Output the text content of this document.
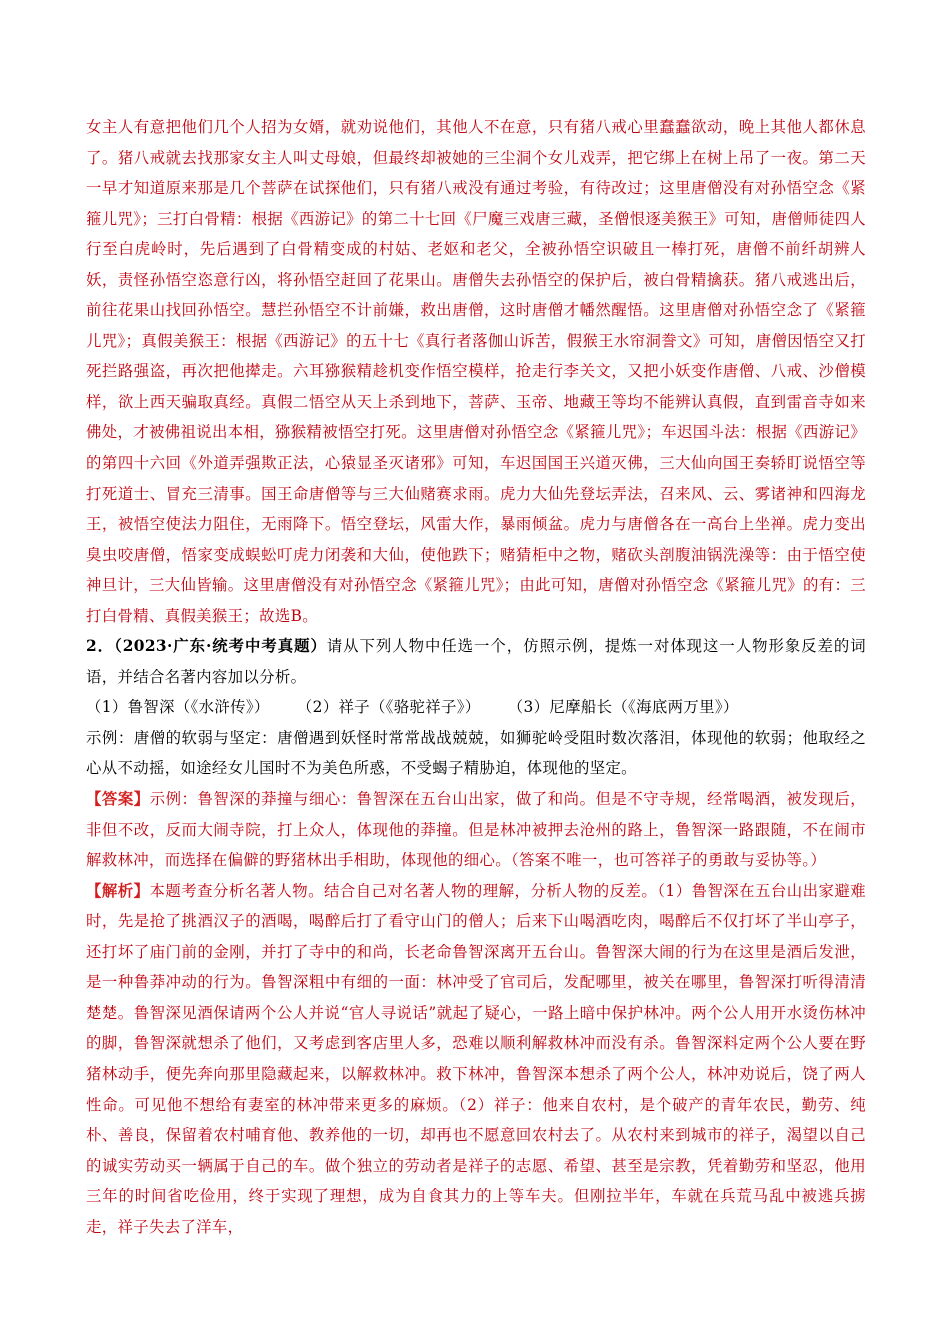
女主人有意把他们几个人招为女婿，就劝说他们，其他人不在意，只有猪八戒心里蠢蠢欲动，晚上其他人都休息了。猪八戒就去找那家女主人叫丈母娘，但最终却被她的三尘洞个女儿戏弄，把它绑上在树上吊了一夜。第二天一早才知道原来那是几个菩萨在试探他们，只有猪八戒没有通过考验，有待改过；这里唐僧没有对孙悟空念《紧箍儿咒》；三打白骨精：根据《西游记》的第二十七回《尸魔三戏唐三藏，圣僧恨逐美猴王》可知，唐僧师徒四人行至白虎岭时，先后遇到了白骨精变成的村姑、老妪和老父，全被孙悟空识破且一棒打死，唐僧不前纤胡辨人妖，责怪孙悟空恣意行凶，将孙悟空赶回了花果山。唐僧失去孙悟空的保护后，被白骨精擒获。猪八戒逃出后，前往花果山找回孙悟空。慧拦孙悟空不计前嫌，救出唐僧，这时唐僧才幡然醒悟。这里唐僧对孙悟空念了《紧箍儿咒》；真假美猴王：根据《西游记》的五十七《真行者落伽山诉苦，假猴王水帘洞誊文》可知，唐僧因悟空又打死拦路强盗，再次把他撵走。六耳猕猴精趁机变作悟空模样，抢走行李关文，又把小妖变作唐僧、八戒、沙僧模样，欲上西天骗取真经。真假二悟空从天上杀到地下，菩萨、玉帝、地藏王等均不能辨认真假，直到雷音寺如来佛处，才被佛祖说出本相，猕猴精被悟空打死。这里唐僧对孙悟空念《紧箍儿咒》；车迟国斗法：根据《西游记》的第四十六回《外道弄强欺正法，心猿显圣灭诸邪》可知，车迟国国王兴道灭佛，三大仙向国王奏轿盯说悟空等打死道士、冒充三清事。国王命唐僧等与三大仙赌赛求雨。虎力大仙先登坛弄法，召来风、云、雾诸神和四海龙王，被悟空使法力阻住，无雨降下。悟空登坛，风雷大作，暴雨倾盆。虎力与唐僧各在一高台上坐禅。虎力变出臭虫咬唐僧，悟家变成蜈蚣叮虎力闭袭和大仙，使他跌下；赌猜柜中之物，赌砍头剖腹油锅洗澡等：由于悟空使神旦计，三大仙皆输。这里唐僧没有对孙悟空念《紧箍儿咒》；由此可知，唐僧对孙悟空念《紧箍儿咒》的有：三打白骨精、真假美猴王；故选B。

2．（2023·广东·统考中考真题）请从下列人物中任选一个，仿照示例，提炼一对体现这一人物形象反差的词语，并结合名著内容加以分析。

（1）鲁智深（《水浒传》） （2）祥子（《骆驼祥子》） （3）尼摩船长（《海底两万里》）

示例：唐僧的软弱与坚定：唐僧遇到妖怪时常常战战兢兢，如狮驼岭受阻时数次落泪，体现他的软弱；他取经之心从不动摇，如途经女儿国时不为美色所惑，不受蝎子精胁迫，体现他的坚定。

【答案】示例：鲁智深的莽撞与细心：鲁智深在五台山出家，做了和尚。但是不守寺规，经常喝酒，被发现后，非但不改，反而大闹寺院，打上众人，体现他的莽撞。但是林冲被押去沧州的路上，鲁智深一路跟随，不在闹市解救林冲，而选择在偏僻的野猪林出手相助，体现他的细心。（答案不唯一，也可答祥子的勇敢与妥协等。）

【解析】本题考查分析名著人物。结合自己对名著人物的理解，分析人物的反差。（1）鲁智深在五台山出家避难时，先是抢了挑酒汉子的酒喝，喝醉后打了看守山门的僧人；后来下山喝酒吃肉，喝醉后不仅打坏了半山亭子，还打坏了庙门前的金刚，并打了寺中的和尚，长老命鲁智深离开五台山。鲁智深大闹的行为在这里是酒后发泄，是一种鲁莽冲动的行为。鲁智深粗中有细的一面：林冲受了官司后，发配哪里，被关在哪里，鲁智深打听得清清楚楚。鲁智深见酒保请两个公人并说“官人寻说话”就起了疑心，一路上暗中保护林冲。两个公人用开水烫伤林冲的脚，鲁智深就想杀了他们，又考虑到客店里人多，恐难以顺利解救林冲而没有杀。鲁智深料定两个公人要在野猪林动手，便先奔向那里隐藏起来，以解救林冲。救下林冲，鲁智深本想杀了两个公人，林冲劝说后，饶了两人性命。可见他不想给有妻室的林冲带来更多的麻烦。（2）祥子：他来自农村，是个破产的青年农民，勤劳、纯朴、善良，保留着农村哺育他、教养他的一切，却再也不愿意回农村去了。从农村来到城市的祥子，渴望以自己的诚实劳动买一辆属于自己的车。做个独立的劳动者是祥子的志愿、希望、甚至是宗教，凭着勤劳和坚忍，他用三年的时间省吃俭用，终于实现了理想，成为自食其力的上等车夫。但刚拉半年，车就在兵荒马乱中被逃兵掳走，祥子失去了洋车，
